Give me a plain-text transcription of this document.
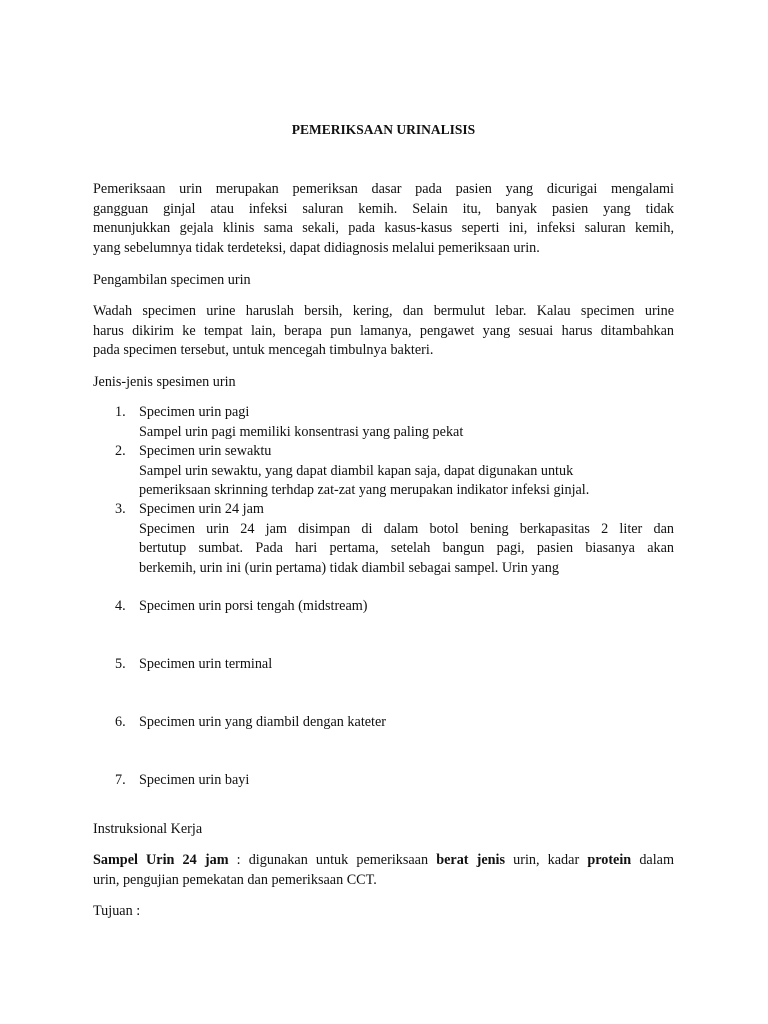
PEMERIKSAAN URINALISIS
Pemeriksaan urin merupakan pemeriksan dasar pada pasien yang dicurigai mengalami
gangguan ginjal atau infeksi saluran kemih. Selain itu, banyak pasien yang tidak
menunjukkan gejala klinis sama sekali, pada kasus-kasus seperti ini, infeksi saluran kemih,
yang sebelumnya tidak terdeteksi, dapat didiagnosis melalui pemeriksaan urin.
Pengambilan specimen urin
Wadah specimen urine haruslah bersih, kering, dan bermulut lebar. Kalau specimen urine
harus dikirim ke tempat lain, berapa pun lamanya, pengawet yang sesuai harus ditambahkan
pada specimen tersebut, untuk mencegah timbulnya bakteri.
Jenis-jenis spesimen urin
1. Specimen urin pagi
Sampel urin pagi memiliki konsentrasi yang paling pekat
2. Specimen urin sewaktu
Sampel urin sewaktu, yang dapat diambil kapan saja, dapat digunakan untuk
pemeriksaan skrinning terhdap zat-zat yang merupakan indikator infeksi ginjal.
3. Specimen urin 24 jam
Specimen urin 24 jam disimpan di dalam botol bening berkapasitas 2 liter dan
bertutup sumbat. Pada hari pertama, setelah bangun pagi, pasien biasanya akan
berkemih, urin ini (urin pertama) tidak diambil sebagai sampel. Urin yang
4. Specimen urin porsi tengah (midstream)
5. Specimen urin terminal
6. Specimen urin yang diambil dengan kateter
7. Specimen urin bayi
Instruksional Kerja
Sampel Urin 24 jam : digunakan untuk pemeriksaan berat jenis urin, kadar protein dalam
urin, pengujian pemekatan dan pemeriksaan CCT.
Tujuan :
